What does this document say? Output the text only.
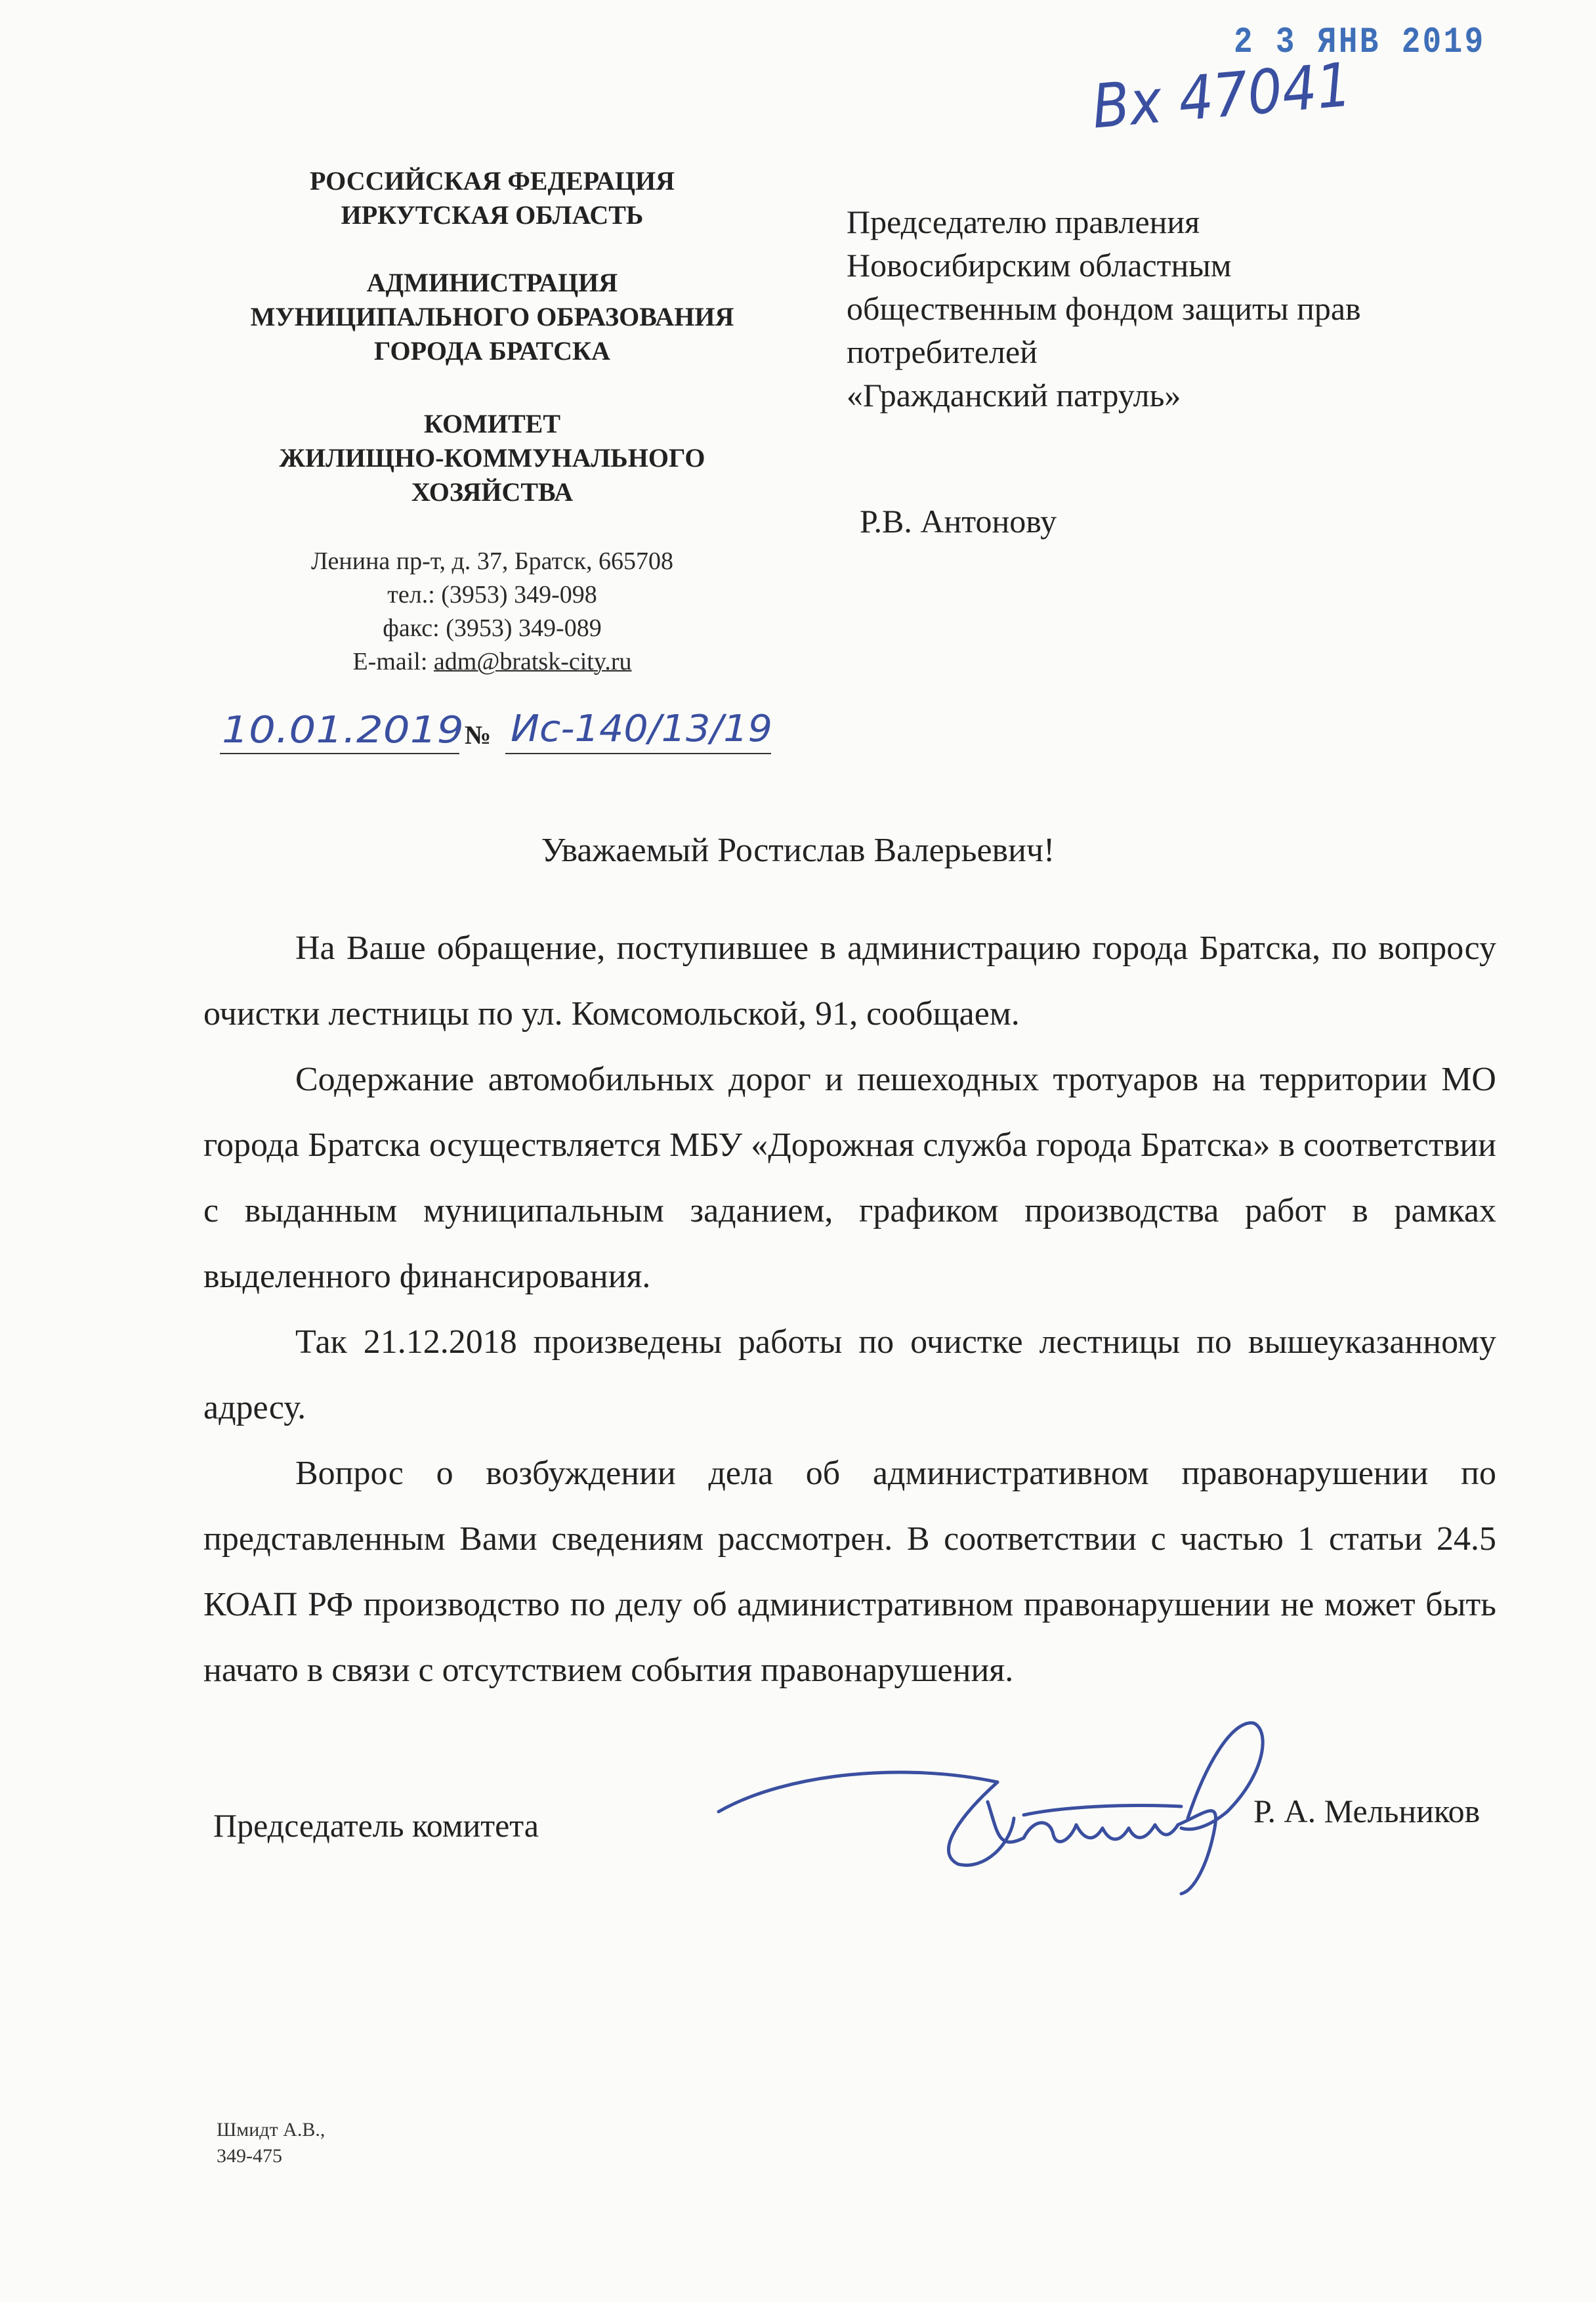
2 3 ЯНВ 2019
Вх 47041
РОССИЙСКАЯ ФЕДЕРАЦИЯ
ИРКУТСКАЯ ОБЛАСТЬ
АДМИНИСТРАЦИЯ
МУНИЦИПАЛЬНОГО ОБРАЗОВАНИЯ
ГОРОДА БРАТСКА
КОМИТЕТ
ЖИЛИЩНО-КОММУНАЛЬНОГО
ХОЗЯЙСТВА
Ленина пр-т, д. 37, Братск, 665708
тел.: (3953) 349-098
факс: (3953) 349-089
E-mail: adm@bratsk-city.ru
10.01.2019 № Ис-140/13/19
Председателю правления
Новосибирским областным
общественным фондом защиты прав
потребителей
«Гражданский патруль»
Р.В. Антонову
Уважаемый Ростислав Валерьевич!
На Ваше обращение, поступившее в администрацию города Братска, по вопросу очистки лестницы по ул. Комсомольской, 91, сообщаем.
Содержание автомобильных дорог и пешеходных тротуаров на территории МО города Братска осуществляется МБУ «Дорожная служба города Братска» в соответствии с выданным муниципальным заданием, графиком производства работ в рамках выделенного финансирования.
Так 21.12.2018 произведены работы по очистке лестницы по вышеуказанному адресу.
Вопрос о возбуждении дела об административном правонарушении по представленным Вами сведениям рассмотрен. В соответствии с частью 1 статьи 24.5 КОАП РФ производство по делу об административном правонарушении не может быть начато в связи с отсутствием события правонарушения.
Председатель комитета	Р. А. Мельников
Шмидт А.В.,
349-475
